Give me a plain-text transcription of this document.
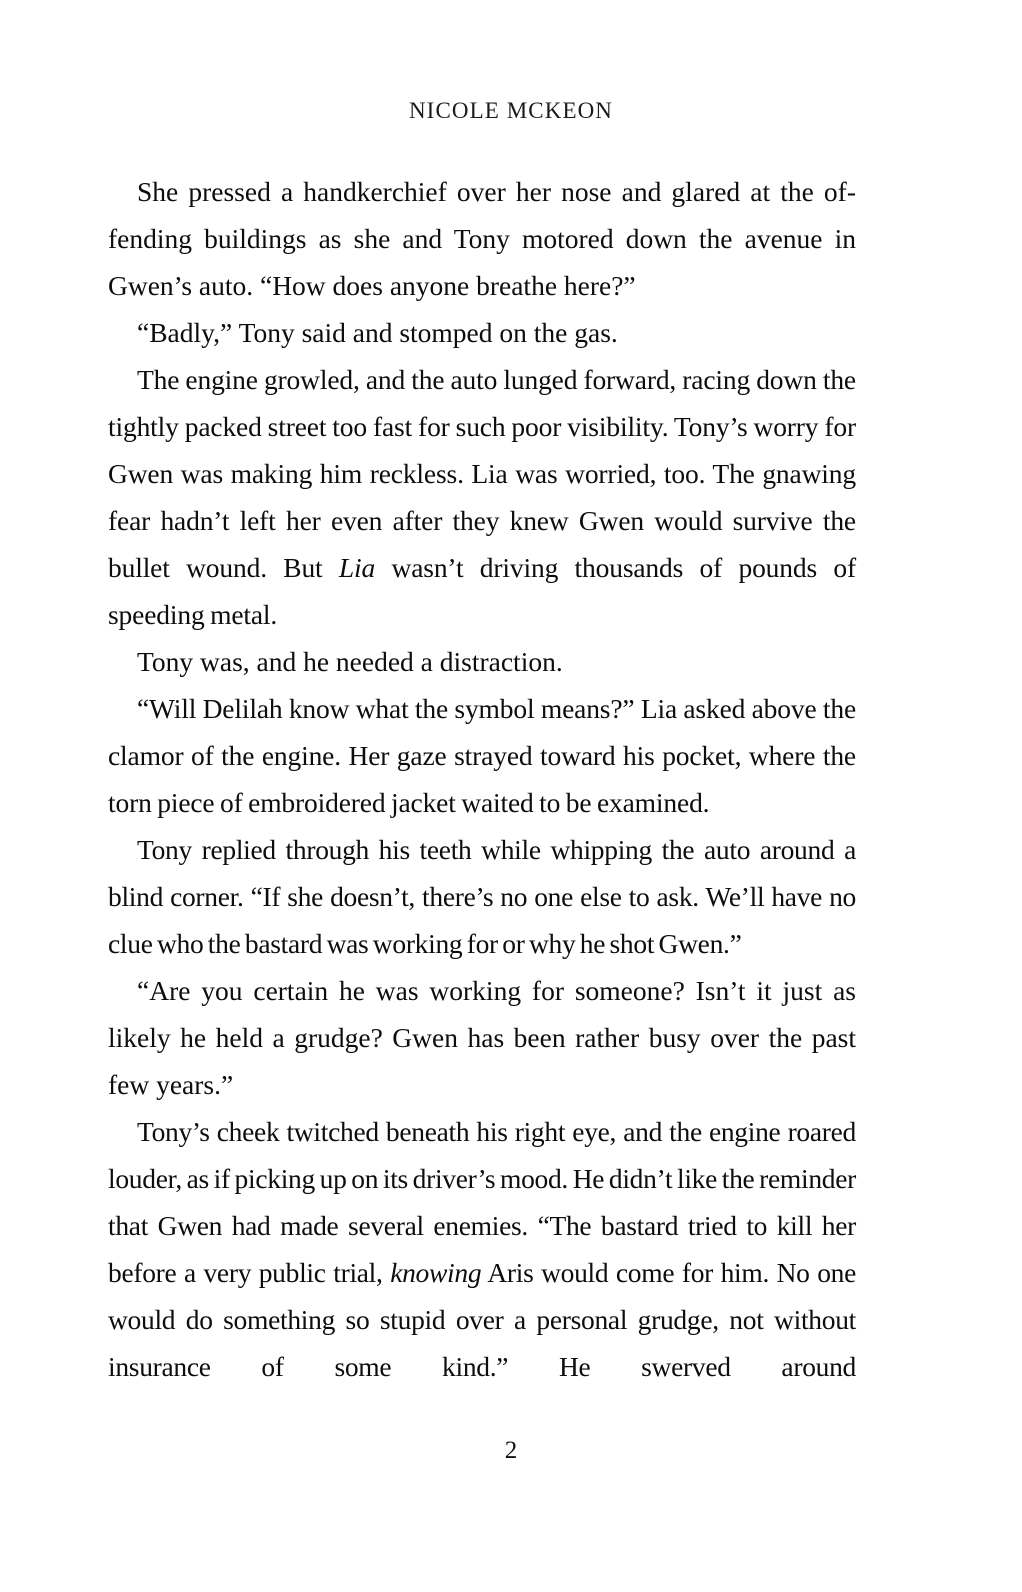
NICOLE MCKEON

She pressed a handkerchief over her nose and glared at the of-fending buildings as she and Tony motored down the avenue in Gwen’s auto. “How does anyone breathe here?”

“Badly,” Tony said and stomped on the gas.

The engine growled, and the auto lunged forward, racing down the tightly packed street too fast for such poor visibility. Tony’s worry for Gwen was making him reckless. Lia was worried, too. The gnawing fear hadn’t left her even after they knew Gwen would survive the bullet wound. But Lia wasn’t driving thousands of pounds of speeding metal.

Tony was, and he needed a distraction.

“Will Delilah know what the symbol means?” Lia asked above the clamor of the engine. Her gaze strayed toward his pocket, where the torn piece of embroidered jacket waited to be examined.

Tony replied through his teeth while whipping the auto around a blind corner. “If she doesn’t, there’s no one else to ask. We’ll have no clue who the bastard was working for or why he shot Gwen.”

“Are you certain he was working for someone? Isn’t it just as likely he held a grudge? Gwen has been rather busy over the past few years.”

Tony’s cheek twitched beneath his right eye, and the engine roared louder, as if picking up on its driver’s mood. He didn’t like the reminder that Gwen had made several enemies. “The bastard tried to kill her before a very public trial, knowing Aris would come for him. No one would do something so stupid over a personal grudge, not without insurance of some kind.” He swerved around

2
